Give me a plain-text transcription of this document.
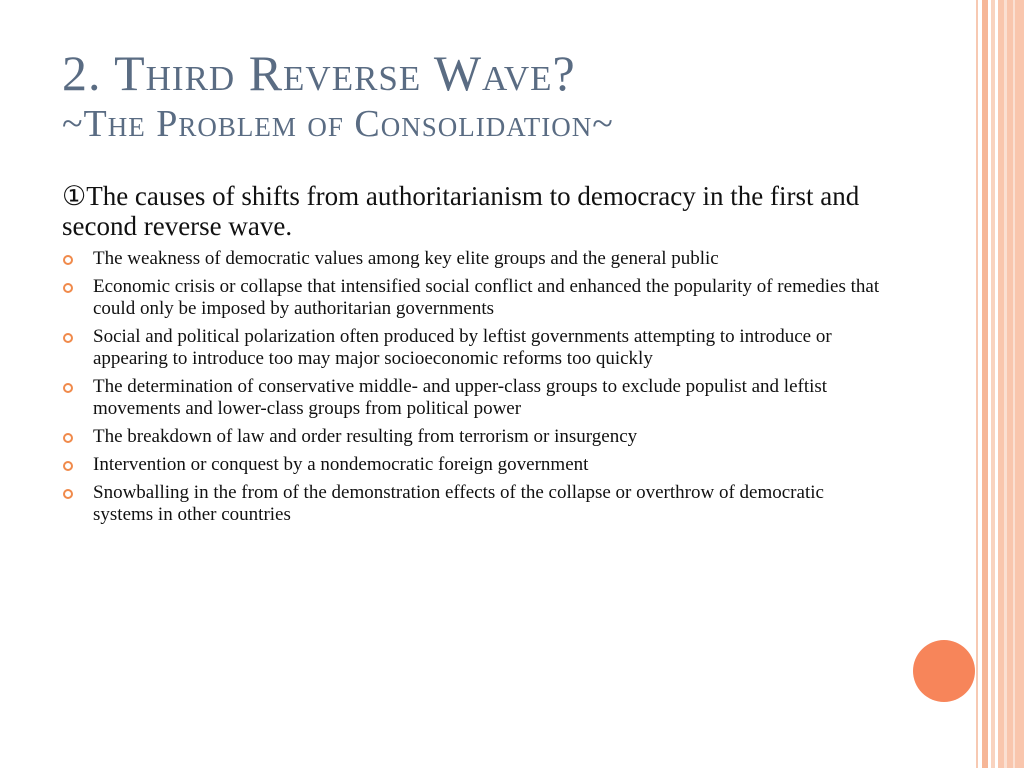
2. Third Reverse Wave?
~The Problem of Consolidation~
①The causes of shifts from authoritarianism to democracy in the first and second reverse wave.
The weakness of democratic values among key elite groups and the general public
Economic crisis or collapse that intensified social conflict and enhanced the popularity of remedies that could only be imposed by authoritarian governments
Social and political polarization often produced by leftist governments attempting to introduce or appearing to introduce too may major socioeconomic reforms too quickly
The determination of conservative middle- and upper-class groups to exclude populist and leftist movements and lower-class groups from political power
The breakdown of law and order resulting from terrorism or insurgency
Intervention or conquest by a nondemocratic foreign government
Snowballing in the from of the demonstration effects of the collapse or overthrow of democratic systems in other countries
